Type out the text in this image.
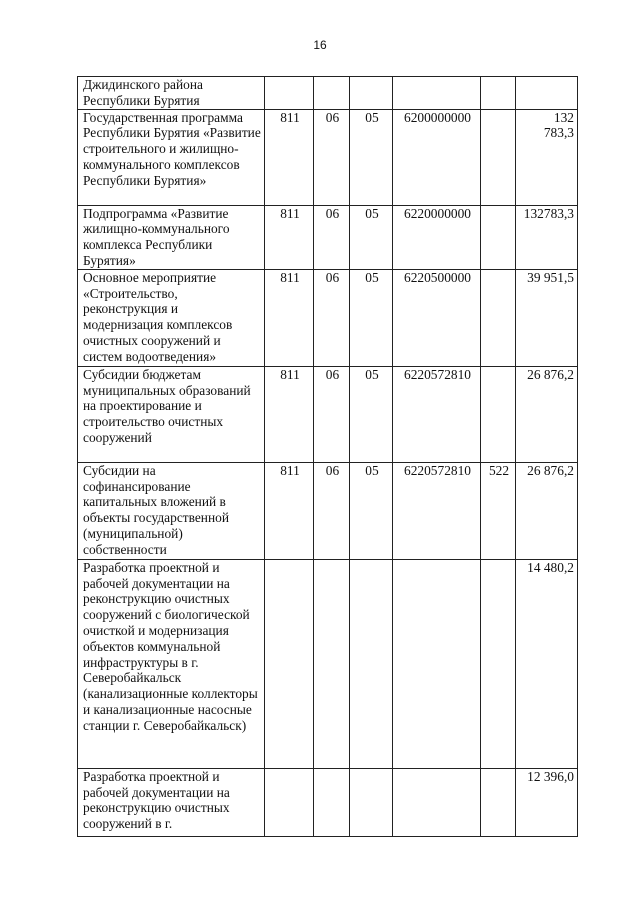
16
Джидинского района Республики Бурятия						
Государственная программа Республики Бурятия «Развитие строительного и жилищно-коммунального комплексов Республики Бурятия»	811	06	05	6200000000		132 783,3
Подпрограмма «Развитие жилищно-коммунального комплекса Республики Бурятия»	811	06	05	6220000000		132783,3
Основное мероприятие «Строительство, реконструкция и модернизация комплексов очистных сооружений и систем водоотведения»	811	06	05	6220500000		39 951,5
Субсидии бюджетам муниципальных образований на проектирование и строительство очистных сооружений	811	06	05	6220572810		26 876,2
Субсидии на софинансирование капитальных вложений в объекты государственной (муниципальной) собственности	811	06	05	6220572810	522	26 876,2
Разработка проектной и рабочей документации на реконструкцию очистных сооружений с биологической очисткой и модернизация объектов коммунальной инфраструктуры в г. Северобайкальск (канализационные коллекторы и канализационные насосные станции г. Северобайкальск)						14 480,2
Разработка проектной и рабочей документации на реконструкцию очистных сооружений в г.						12 396,0
